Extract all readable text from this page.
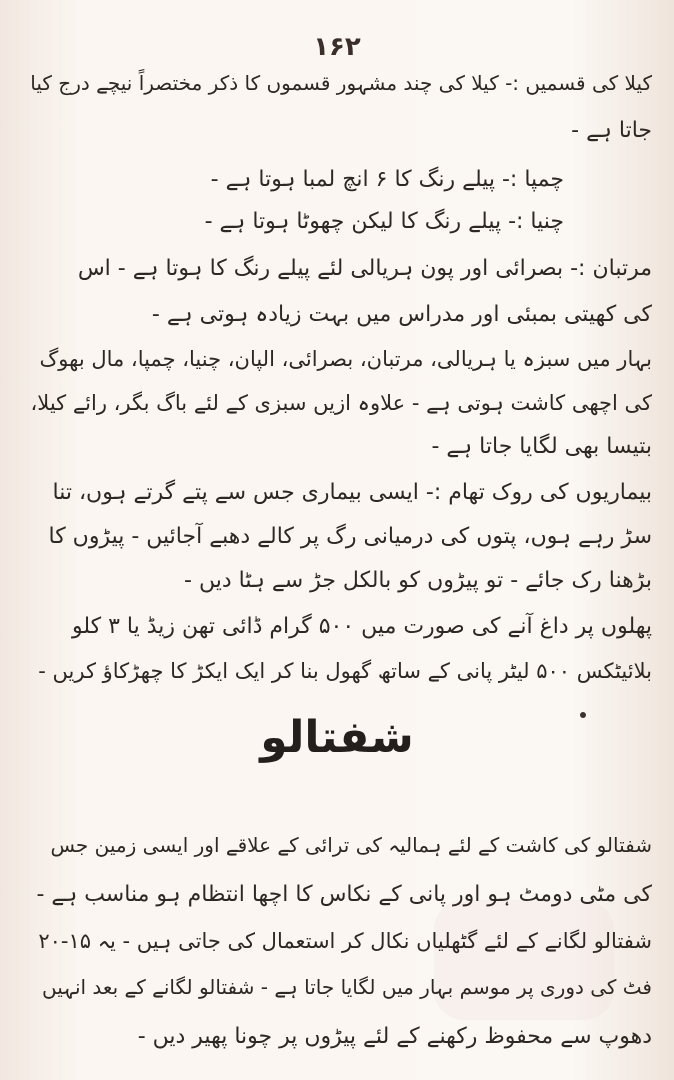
۱۶۲
کیلا کی قسمیں :- کیلا کی چند مشہور قسموں کا ذکر مختصراً نیچے درج کیا
جاتا ہے -
چمپا :- پیلے رنگ کا ۶ انچ لمبا ہوتا ہے -
چنیا :- پیلے رنگ کا لیکن چھوٹا ہوتا ہے -
مرتبان :- بصرائی اور پون ہریالی لئے پیلے رنگ کا ہوتا ہے - اس
کی کھیتی بمبئی اور مدراس میں بہت زیادہ ہوتی ہے -
بہار میں سبزہ یا ہریالی، مرتبان، بصرائی، الپان، چنیا، چمپا، مال بھوگ
کی اچھی کاشت ہوتی ہے - علاوہ ازیں سبزی کے لئے باگ بگر، رائے کیلا،
بتیسا بھی لگایا جاتا ہے -
بیماریوں کی روک تھام :- ایسی بیماری جس سے پتے گرتے ہوں، تنا
سڑ رہے ہوں، پتوں کی درمیانی رگ پر کالے دھبے آجائیں - پیڑوں کا
بڑھنا رک جائے - تو پیڑوں کو بالکل جڑ سے ہٹا دیں -
پھلوں پر داغ آنے کی صورت میں ۵۰۰ گرام ڈائی تھن زیڈ یا ۳ کلو
بلائیٹکس ۵۰۰ لیٹر پانی کے ساتھ گھول بنا کر ایک ایکڑ کا چھڑکاؤ کریں -
شفتالو
شفتالو کی کاشت کے لئے ہمالیہ کی ترائی کے علاقے اور ایسی زمین جس
کی مٹی دومٹ ہو اور پانی کے نکاس کا اچھا انتظام ہو مناسب ہے -
شفتالو لگانے کے لئے گٹھلیاں نکال کر استعمال کی جاتی ہیں - یہ ۱۵-۲۰
فٹ کی دوری پر موسم بہار میں لگایا جاتا ہے - شفتالو لگانے کے بعد انہیں
دھوپ سے محفوظ رکھنے کے لئے پیڑوں پر چونا پھیر دیں -
